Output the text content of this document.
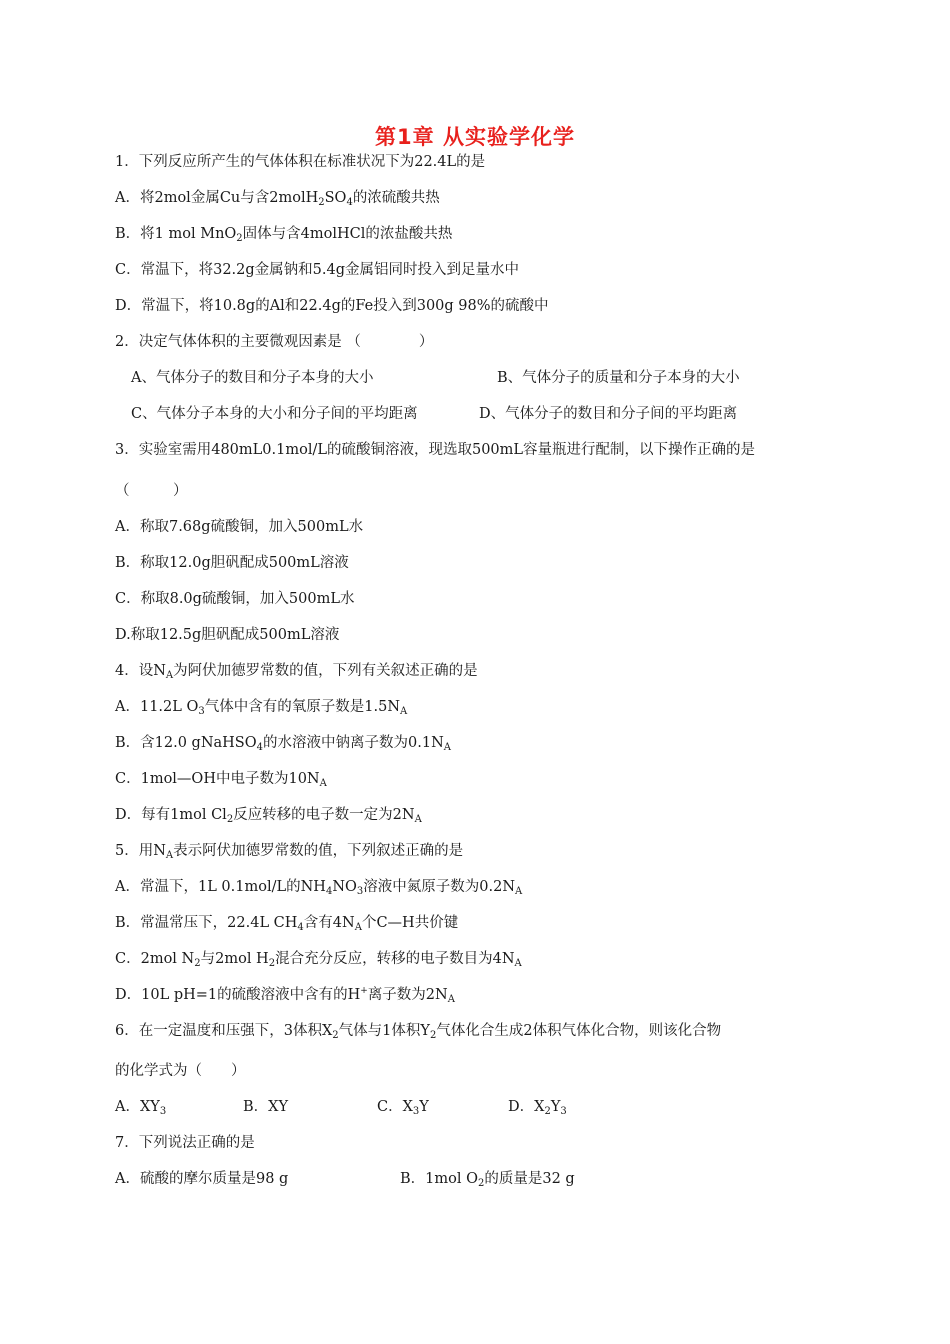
第1章 从实验学化学
1．下列反应所产生的气体体积在标准状况下为22.4L的是
A．将2mol金属Cu与含$2molH_2SO_4$的浓硫酸共热
B．将1 mol MnO$_2$固体与含4molHCl的浓盐酸共热
C．常温下，将32.2g金属钠和5.4g金属铝同时投入到足量水中
D．常温下，将10.8g的Al和22.4g的Fe投入到300g 98%的硫酸中
2．决定气体体积的主要微观因素是 （　　　　）
A、气体分子的数目和分子本身的大小	B、气体分子的质量和分子本身的大小
C、气体分子本身的大小和分子间的平均距离	D、气体分子的数目和分子间的平均距离
3．实验室需用480mL0.1mol/L的硫酸铜溶液，现选取500mL容量瓶进行配制，以下操作正确的是
（　　　）
A．称取7.68g硫酸铜，加入500mL水
B．称取12.0g胆矾配成500mL溶液
C．称取8.0g硫酸铜，加入500mL水
D.称取12.5g胆矾配成500mL溶液
4．设$N_A$为阿伏加德罗常数的值，下列有关叙述正确的是
A．11.2L $O_3$气体中含有的氧原子数是$1.5N_A$
B．含12.0 gNaHSO$_4$的水溶液中钠离子数为$0.1N_A$
C．1mol—OH中电子数为$10N_A$
D．每有1mol $Cl_2$反应转移的电子数一定为$2N_A$
5．用$N_A$表示阿伏加德罗常数的值，下列叙述正确的是
A．常温下，1L 0.1mol/L的$NH_4NO_3$溶液中氮原子数为$0.2N_A$
B．常温常压下，22.4L $CH_4$含有$4N_A$个C—H共价键
C．2mol $N_2$与2mol $H_2$混合充分反应，转移的电子数目为$4N_A$
D．10L pH=1的硫酸溶液中含有的H+离子数为$2N_A$
6．在一定温度和压强下，3体积$X_2$气体与1体积$Y_2$气体化合生成2体积气体化合物，则该化合物
的化学式为（　　）
A．$XY_3$	B．XY	C．$X_3Y$	D．$X_2Y_3$
7．下列说法正确的是
A．硫酸的摩尔质量是98 g	B．1mol $O_2$的质量是32 g
